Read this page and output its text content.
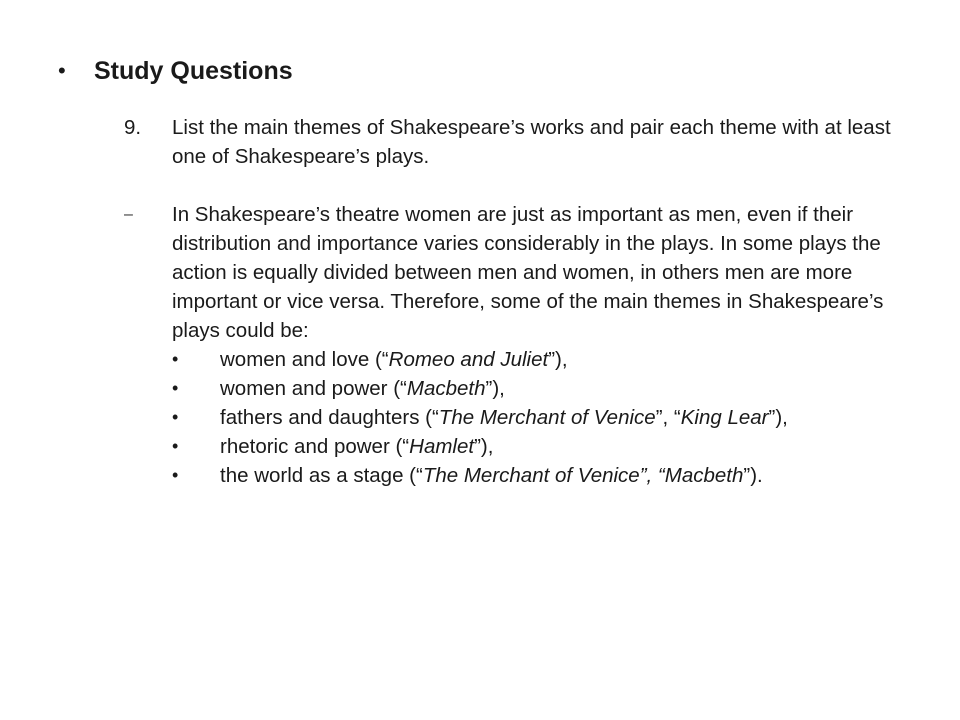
•	Study Questions
9.	List the main themes of Shakespeare’s works and pair each theme with at least one of Shakespeare’s plays.
–	In Shakespeare’s theatre women are just as important as men, even if their distribution and importance varies considerably in the plays. In some plays the action is equally divided between men and women, in others men are more important or vice versa. Therefore, some of the main themes in Shakespeare’s plays could be:
•	women and love (“Romeo and Juliet”),
•	women and power (“Macbeth”),
•	fathers and daughters (“The Merchant of Venice”, “King Lear”),
•	rhetoric and power (“Hamlet”),
•	the world as a stage (“The Merchant of Venice”, “Macbeth”).
